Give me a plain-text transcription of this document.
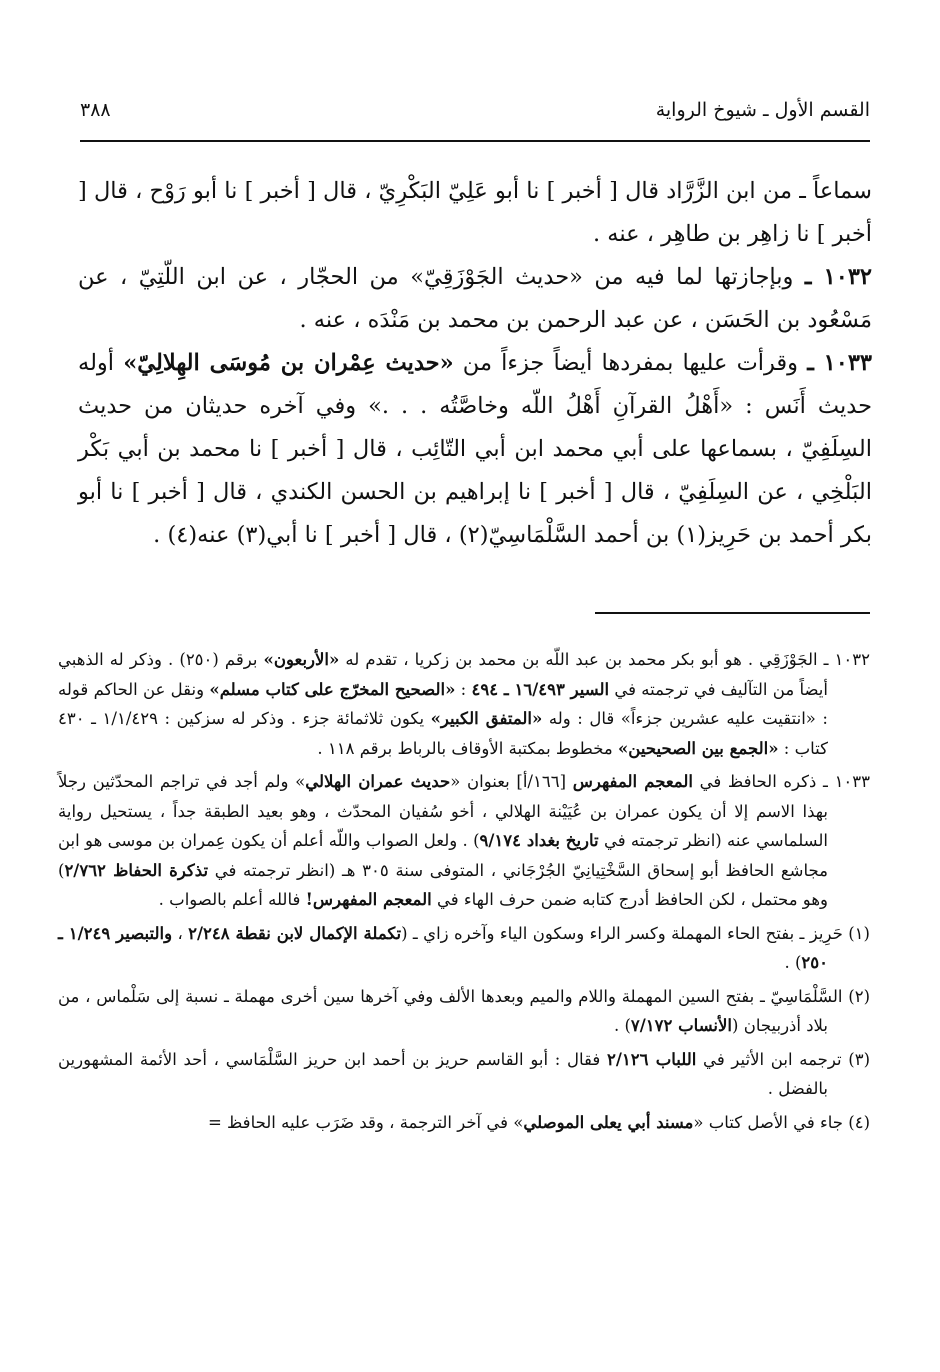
القسم الأول ـ شيوخ الرواية
٣٨٨

سماعاً ـ من ابن الزَّرَّاد قال [ أخبر ] نا أبو عَلِيّ البَكْرِيّ ، قال [ أخبر ] نا أبو رَوْح ، قال [ أخبر ] نا زاهِر بن طاهِر ، عنه .

١٠٣٢ ـ وبإجازتها لما فيه من «حديث الجَوْزَقِيّ» من الحجّار ، عن ابن اللّتِيّ ، عن مَسْعُود بن الحَسَن ، عن عبد الرحمن بن محمد بن مَنْدَه ، عنه .

١٠٣٣ ـ وقرأت عليها بمفردها أيضاً جزءاً من «حديث عِمْران بن مُوسَى الهِلالِيّ» أوله حديث أَنَس : «أَهْلُ القرآنِ أَهْلُ اللّه وخاصَّتُه . . .» وفي آخره حديثان من حديث السِلَفِيّ ، بسماعها على أبي محمد ابن أبي التّائِب ، قال [ أخبر ] نا محمد بن أبي بَكْر البَلْخِي ، عن السِلَفِيّ ، قال [ أخبر ] نا إبراهيم بن الحسن الكندي ، قال [ أخبر ] نا أبو بكر أحمد بن حَرِيز(١) بن أحمد السَّلْمَاسِيّ(٢) ، قال [ أخبر ] نا أبي(٣) عنه(٤) .

١٠٣٢ ـ الجَوْزَقِي . هو أبو بكر محمد بن عبد اللّه بن محمد بن زكريا ، تقدم له «الأربعون» برقم (٢٥٠) . وذكر له الذهبي أيضاً من التآليف في ترجمته في السير ١٦/٤٩٣ ـ ٤٩٤ : «الصحيح المخرّج على كتاب مسلم» ونقل عن الحاكم قوله : «انتقيت عليه عشرين جزءاً» قال : وله «المتفق الكبير» يكون ثلاثمائة جزء . وذكر له سزكين : ١/١/٤٢٩ ـ ٤٣٠ كتاب : «الجمع بين الصحيحين» مخطوط بمكتبة الأوقاف بالرباط برقم ١١٨ .

١٠٣٣ ـ ذكره الحافظ في المعجم المفهرس [١٦٦/أ] بعنوان «حديث عمران الهلالي» ولم أجد في تراجم المحدّثين رجلاً بهذا الاسم إلا أن يكون عمران بن عُيَيْنة الهلالي ، أخو سُفيان المحدّث ، وهو بعيد الطبقة جداً ، يستحيل رواية السلماسي عنه (انظر ترجمته في تاريخ بغداد ٩/١٧٤) . ولعل الصواب واللّه أعلم أن يكون عِمران بن موسى هو ابن مجاشع الحافظ أبو إسحاق السَّخْتِيانِيّ الجُرْجَاني ، المتوفى سنة ٣٠٥ هـ (انظر ترجمته في تذكرة الحفاظ ٢/٧٦٢) وهو محتمل ، لكن الحافظ أدرج كتابه ضمن حرف الهاء في المعجم المفهرس! فالله أعلم بالصواب .

(١) حَرِيز ـ بفتح الحاء المهملة وكسر الراء وسكون الياء وآخره زاي ـ (تكملة الإكمال لابن نقطة ٢/٢٤٨ ، والتبصير ١/٢٤٩ ـ ٢٥٠) .

(٢) السَّلْمَاسِيّ ـ بفتح السين المهملة واللام والميم وبعدها الألف وفي آخرها سين أخرى مهملة ـ نسبة إلى سَلْماس ، من بلاد أذربيجان (الأنساب ٧/١٧٢) .

(٣) ترجمه ابن الأثير في اللباب ٢/١٢٦ فقال : أبو القاسم حريز بن أحمد ابن حريز السَّلْمَاسي ، أحد الأئمة المشهورين بالفضل .

(٤) جاء في الأصل كتاب «مسند أبي يعلى الموصلي» في آخر الترجمة ، وقد ضَرَب عليه الحافظ =
